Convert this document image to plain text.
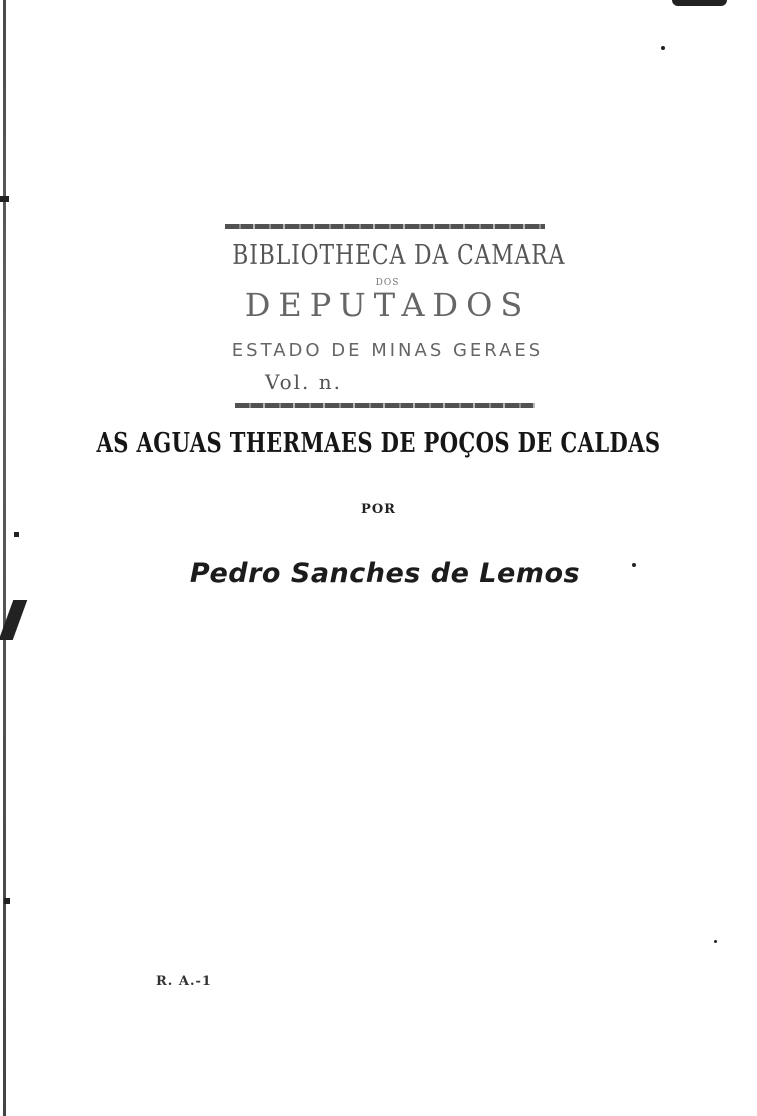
BIBLIOTHECA DA CAMARA
DOS
DEPUTADOS
ESTADO DE MINAS GERAES
Vol. n.
AS AGUAS THERMAES DE POÇOS DE CALDAS
POR
Pedro Sanches de Lemos
R. A.-1
